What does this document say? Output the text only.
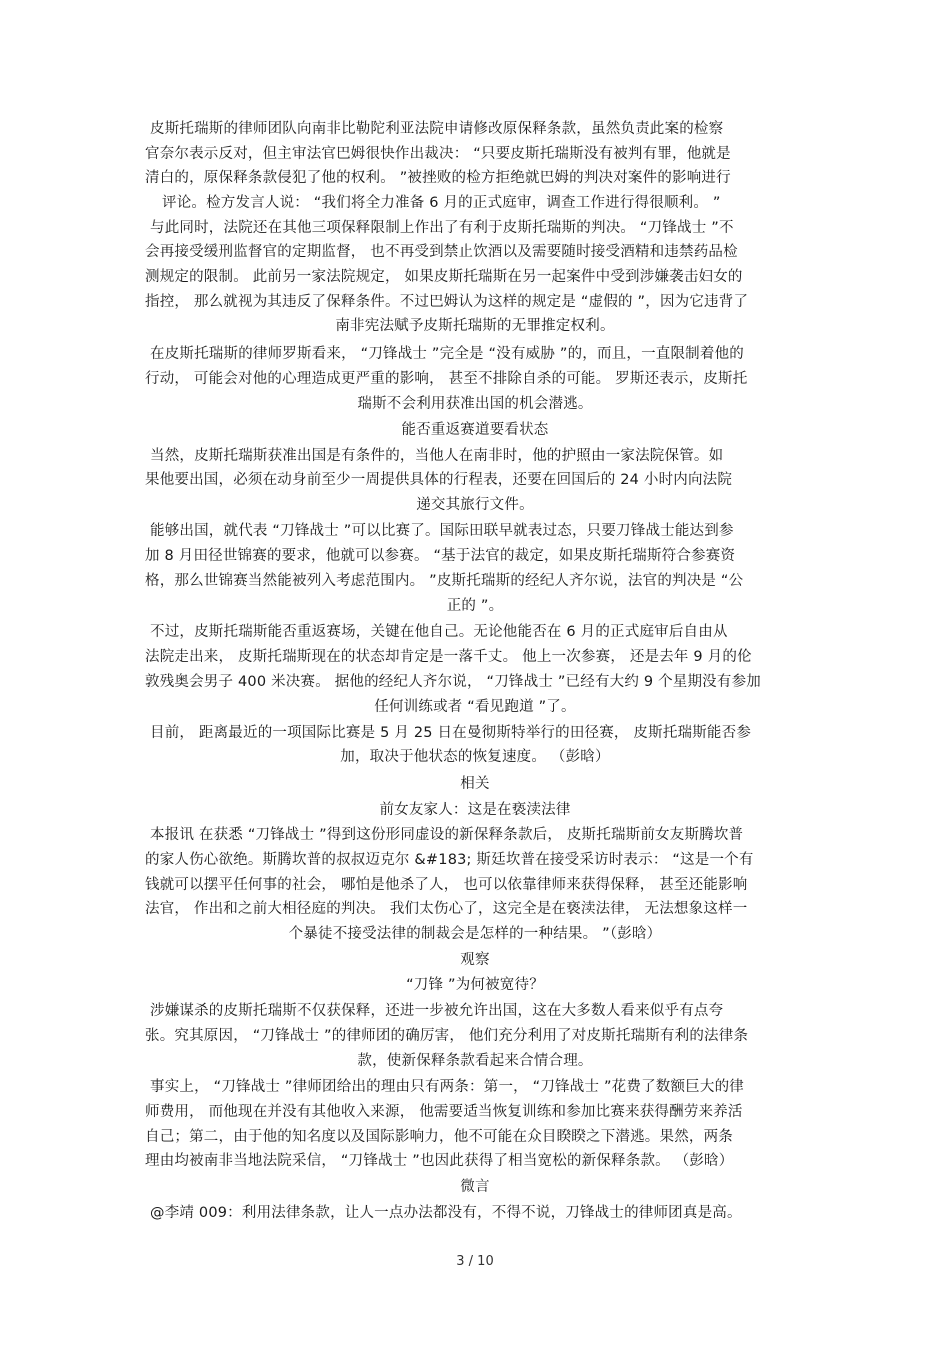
皮斯托瑞斯的律师团队向南非比勒陀利亚法院申请修改原保释条款，虽然负责此案的检察
官奈尔表示反对，但主审法官巴姆很快作出裁决： “只要皮斯托瑞斯没有被判有罪，他就是
清白的，原保释条款侵犯了他的权利。 ”被挫败的检方拒绝就巴姆的判决对案件的影响进行
评论。检方发言人说： “我们将全力准备 6 月的正式庭审，调查工作进行得很顺利。 ”
与此同时，法院还在其他三项保释限制上作出了有利于皮斯托瑞斯的判决。 “刀锋战士 ”不
会再接受缓刑监督官的定期监督， 也不再受到禁止饮酒以及需要随时接受酒精和违禁药品检
测规定的限制。 此前另一家法院规定， 如果皮斯托瑞斯在另一起案件中受到涉嫌袭击妇女的
指控， 那么就视为其违反了保释条件。不过巴姆认为这样的规定是 “虚假的 ”，因为它违背了
南非宪法赋予皮斯托瑞斯的无罪推定权利。
在皮斯托瑞斯的律师罗斯看来， “刀锋战士 ”完全是 “没有威胁 ”的，而且，一直限制着他的
行动， 可能会对他的心理造成更严重的影响， 甚至不排除自杀的可能。 罗斯还表示，皮斯托
瑞斯不会利用获准出国的机会潜逃。
能否重返赛道要看状态
当然，皮斯托瑞斯获准出国是有条件的，当他人在南非时，他的护照由一家法院保管。如
果他要出国，必须在动身前至少一周提供具体的行程表，还要在回国后的 24 小时内向法院
递交其旅行文件。
能够出国，就代表 “刀锋战士 ”可以比赛了。国际田联早就表过态，只要刀锋战士能达到参
加 8 月田径世锦赛的要求，他就可以参赛。 “基于法官的裁定，如果皮斯托瑞斯符合参赛资
格，那么世锦赛当然能被列入考虑范围内。 ”皮斯托瑞斯的经纪人齐尔说，法官的判决是 “公
正的 ”。
不过，皮斯托瑞斯能否重返赛场，关键在他自己。无论他能否在 6 月的正式庭审后自由从
法院走出来， 皮斯托瑞斯现在的状态却肯定是一落千丈。 他上一次参赛， 还是去年 9 月的伦
敦残奥会男子 400 米决赛。 据他的经纪人齐尔说， “刀锋战士 ”已经有大约 9 个星期没有参加
任何训练或者 “看见跑道 ”了。
目前， 距离最近的一项国际比赛是 5 月 25 日在曼彻斯特举行的田径赛， 皮斯托瑞斯能否参
加，取决于他状态的恢复速度。 （彭晗）
相关
前女友家人：这是在亵渎法律
本报讯 在获悉 “刀锋战士 ”得到这份形同虚设的新保释条款后， 皮斯托瑞斯前女友斯腾坎普
的家人伤心欲绝。斯腾坎普的叔叔迈克尔 &#183; 斯廷坎普在接受采访时表示： “这是一个有
钱就可以摆平任何事的社会， 哪怕是他杀了人， 也可以依靠律师来获得保释， 甚至还能影响
法官， 作出和之前大相径庭的判决。 我们太伤心了，这完全是在亵渎法律， 无法想象这样一
个暴徒不接受法律的制裁会是怎样的一种结果。 ”（彭晗）
观察
“刀锋 ”为何被宽待？
涉嫌谋杀的皮斯托瑞斯不仅获保释，还进一步被允许出国，这在大多数人看来似乎有点夸
张。究其原因， “刀锋战士 ”的律师团的确厉害， 他们充分利用了对皮斯托瑞斯有利的法律条
款，使新保释条款看起来合情合理。
事实上， “刀锋战士 ”律师团给出的理由只有两条：第一， “刀锋战士 ”花费了数额巨大的律
师费用， 而他现在并没有其他收入来源， 他需要适当恢复训练和参加比赛来获得酬劳来养活
自己；第二，由于他的知名度以及国际影响力，他不可能在众目睽睽之下潜逃。果然，两条
理由均被南非当地法院采信， “刀锋战士 ”也因此获得了相当宽松的新保释条款。 （彭晗）
微言
@李靖 009：利用法律条款，让人一点办法都没有，不得不说，刀锋战士的律师团真是高。
3 / 10
